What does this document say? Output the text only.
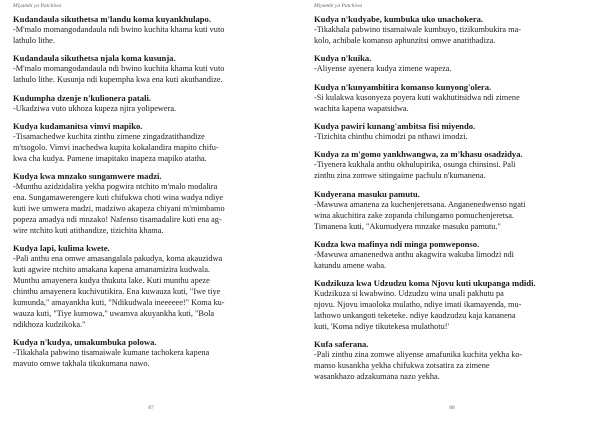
Miyambi ya Patchiwa
Kudandaula sikuthetsa m'landu koma kuyankhulapo.
-M'malo momangodandaula ndi bwino kuchita khama kuti vuto
lathulo lithe.
Kudandaula sikuthetsa njala koma kusunja.
-M'malo momangodandaula ndi bwino kuchita khama kuti vuto
lathulo lithe. Kusunja ndi kupempha kwa ena kuti akuthandize.
Kudumpha dzenje n'kulionera patali.
-Ukadziwa vuto ukhoza kupeza njira yolipewera.
Kudya kudamanitsa vimvi mapiko.
-Tisamachedwe kuchita zinthu zimene zingadzatithandize
m'tsogolo. Vimvi inachedwa kupita kokalandira mapito chifu-
kwa cha kudya. Pamene imapitako inapeza mapiko atatha.
Kudya kwa mnzako sungamwere madzi.
-Munthu azidzidalira yekha pogwira ntchito m'malo modalira
ena. Sungamawerengere kuti chifukwa choti wina wadya ndiye
kuti iwe umwera madzi, madziwo akapeza chiyani m'mimbamo
popeza amadya ndi mnzako! Nafenso tisamadalire kuti ena ag-
wire ntchito kuti atithandize, tizichita khama.
Kudya lapi, kulima kwete.
-Pali anthu ena omwe amasangalala pakudya, koma akauzidwa
kuti agwire ntchito amakana kapena amanamizira kudwala.
Munthu amayenera kudya thukuta lake. Kuti munthu apeze
chinthu amayenera kuchivutikira. Ena kuwauza kuti, "Iwe tiye
kumunda," amayankha kuti, "Ndikudwala ineeeeee!" Koma ku-
wauza kuti, "Tiye kumowa," uwamva akuyankha kuti, "Bola
ndikhoza kudzikoka."
Kudya n'kudya, umakumbuka polowa.
-Tikakhala pabwino tisamaiwale kumane tachokera kapena
mavuto omwe takhala tikukumana nawo.
87
Miyambi ya Patchiwa
Kudya n'kudyabe, kumbuka uko unachokera.
-Tikakhala pabwino tisamaiwale kumbuyo, tizikumbukira ma-
kolo, achibale komanso aphunzitsi omwe anatithadiza.
Kudya n'kuika.
-Aliyense ayenera kudya zimene wapeza.
Kudya n'kunyambitira komanso kunyong'olera.
-Si kulakwa kusonyeza poyera kuti wakhutitsidwa ndi zimene
wachita kapena wapatsidwa.
Kudya pawiri kunang'ambitsa fisi miyendo.
-Tizichita chinthu chimodzi pa nthawi imodzi.
Kudya za m'gomo yankhwangwa, za m'khasu osadzidya.
-Tiyenera kukhala anthu okhulupirika, osunga chinsinsi. Pali
zinthu zina zomwe sitingaime pachulu n'kumanena.
Kudyerana masuku pamutu.
-Mawuwa amanena za kuchenjeretsana. Anganenedwenso ngati
wina akuchitira zake zopanda chilungamo pomuchenjeretsa.
Timanena kuti, "Akumudyera mnzake masuku pamutu."
Kudza kwa mafinya ndi minga pomweponso.
-Mawuwa amanenedwa anthu akagwira wakuba limodzi ndi
katundu amene waba.
Kudzikuza kwa Udzudzu koma Njovu kuti ukupanga mdidi.
Kudzikuza si kwabwino. Udzudzu wina unali pakhutu pa
njovu. Njovu imaoloka mulatho, ndiye imati ikamayenda, mu-
lathowo unkangoti teketeke. ndiye kaudzudzu kaja kananena
kuti, 'Koma ndiye tikutekesa mulathotu!'
Kufa saferana.
-Pali zinthu zina zomwe aliyense amafunika kuchita yekha ko-
manso kusankha yekha chifukwa zotsatira za zimene
wasankhazo adzakumana nazo yekha.
88
